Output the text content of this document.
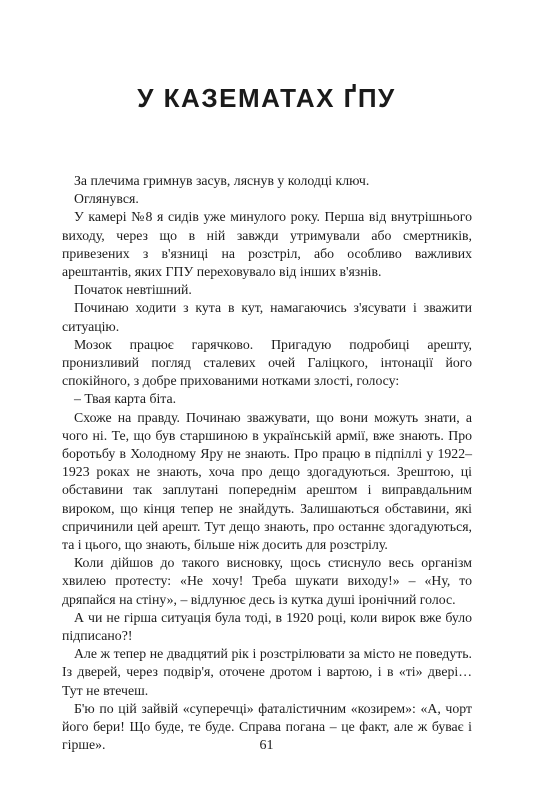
У КАЗЕМАТАХ ҐПУ

За плечима гримнув засув, ляснув у колодці ключ.

Оглянувся.

У камері №8 я сидів уже минулого року. Перша від внутрішнього виходу, через що в ній завжди утримували або смертників, привезених з в'язниці на розстріл, або особливо важливих арештантів, яких ГПУ переховувало від інших в'язнів.

Початок невтішний.

Починаю ходити з кута в кут, намагаючись з'ясувати і зважити ситуацію.

Мозок працює гарячково. Пригадую подробиці арешту, пронизливий погляд сталевих очей Галіцкого, інтонації його спокійного, з добре прихованими нотками злості, голосу:

– Твая карта біта.

Схоже на правду. Починаю зважувати, що вони можуть знати, а чого ні. Те, що був старшиною в українській армії, вже знають. Про боротьбу в Холодному Яру не знають. Про працю в підпіллі у 1922–1923 роках не знають, хоча про дещо здогадуються. Зрештою, ці обставини так заплутані попереднім арештом і виправдальним вироком, що кінця тепер не знайдуть. Залишаються обставини, які спричинили цей арешт. Тут дещо знають, про останнє здогадуються, та і цього, що знають, більше ніж досить для розстрілу.

Коли дійшов до такого висновку, щось стиснуло весь організм хвилею протесту: «Не хочу! Треба шукати виходу!» – «Ну, то дряпайся на стіну», – відлунює десь із кутка душі іронічний голос.

А чи не гірша ситуація була тоді, в 1920 році, коли вирок вже було підписано?!

Але ж тепер не двадцятий рік і розстрілювати за місто не поведуть. Із дверей, через подвір'я, оточене дротом і вартою, і в «ті» двері… Тут не втечеш.

Б'ю по цій зайвій «суперечці» фаталістичним «козирем»: «А, чорт його бери! Що буде, те буде. Справа погана – це факт, але ж буває і гірше».	61
